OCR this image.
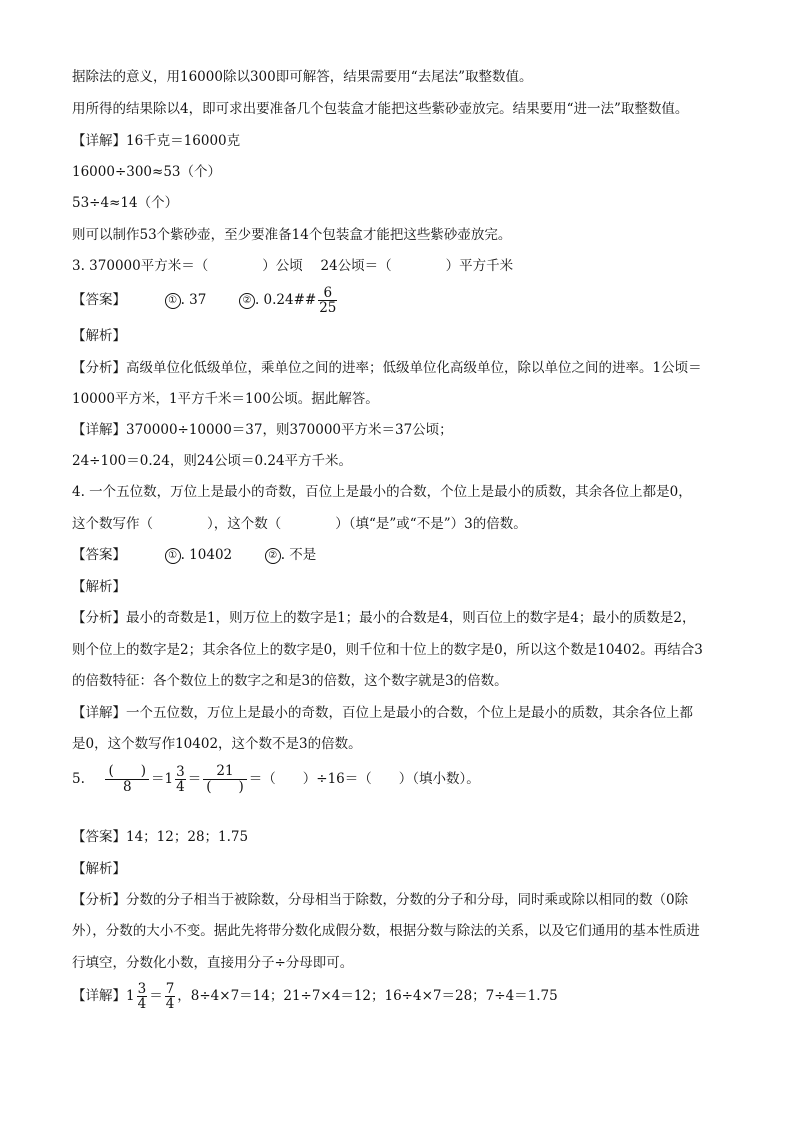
据除法的意义，用16000除以300即可解答，结果需要用“去尾法”取整数值。
用所得的结果除以4，即可求出要准备几个包装盒才能把这些紫砂壶放完。结果要用“进一法”取整数值。
【详解】16千克＝16000克
16000÷300≈53（个）
53÷4≈14（个）
则可以制作53个紫砂壶，至少要准备14个包装盒才能把这些紫砂壶放完。
3. 370000平方米＝（　　　　）公顷　 24公顷＝（　　　　）平方千米
【答案】	① . 37	② . 0.24## $\frac{6}{25}$
【解析】
【分析】高级单位化低级单位，乘单位之间的进率；低级单位化高级单位，除以单位之间的进率。1公顷＝
10000平方米，1平方千米＝100公顷。据此解答。
【详解】370000÷10000＝37，则370000平方米＝37公顷；
24÷100＝0.24，则24公顷＝0.24平方千米。
4. 一个五位数，万位上是最小的奇数，百位上是最小的合数，个位上是最小的质数，其余各位上都是0，
这个数写作（　　　　），这个数（　　　　）（填“是”或“不是”）3的倍数。
【答案】	① . 10402	② . 不是
【解析】
【分析】最小的奇数是1，则万位上的数字是1；最小的合数是4，则百位上的数字是4；最小的质数是2，
则个位上的数字是2；其余各位上的数字是0，则千位和十位上的数字是0，所以这个数是10402。再结合3
的倍数特征：各个数位上的数字之和是3的倍数，这个数字就是3的倍数。
【详解】一个五位数，万位上是最小的奇数，百位上是最小的合数，个位上是最小的质数，其余各位上都
是0，这个数写作10402，这个数不是3的倍数。
5. $\frac{( )}{8} =1 \frac{3}{4} = \frac{21}{( )}$ ＝（　　）÷16＝（　　）（填小数）。
【答案】14；12；28；1.75
【解析】
【分析】分数的分子相当于被除数，分母相当于除数，分数的分子和分母，同时乘或除以相同的数（0除
外），分数的大小不变。据此先将带分数化成假分数，根据分数与除法的关系，以及它们通用的基本性质进
行填空，分数化小数，直接用分子÷分母即可。
【详解】$1 \frac{3}{4} = \frac{7}{4}$ ，8÷4×7＝14；21÷7×4＝12；16÷4×7＝28；7÷4＝1.75
